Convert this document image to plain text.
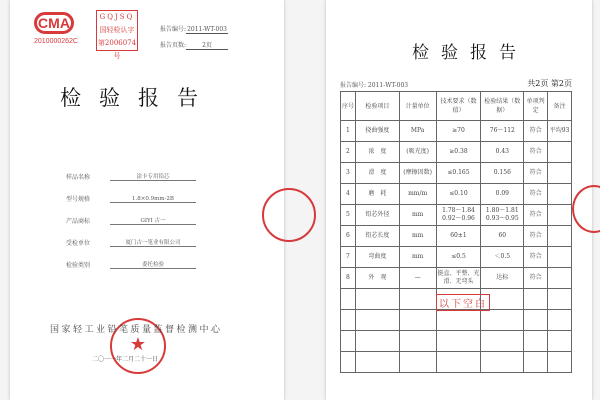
CMA
2010000262C
GQJSQ
国轻检认字
第2006074号
报告编号:2011-WT-003
报告页数:	2页
检验报告
样品名称	涂卡专用铅芯
型号规格	1.8×0.9mm-2B
产品商标	GIYI 古一
受检单位	厦门古一笔业有限公司
检验类别	委托检验
★
国家轻工业铅笔质量监督检测中心
二〇一一年二月二十一日
检验报告
报告编号: 2011-WT-003	共2页 第2页
序号	检验项目	计量单位	技术要求（数值）	检验结果（数据）	单项判定	备注
1	挠曲强度	MPa	≥70	76～112	符合	平均93
2	浓　度	(吸光度)	≥0.38	0.43	符合	
3	滑　度	(摩擦因数)	≤0.165	0.156	符合	
4	磨　耗	mm/m	≤0.10	0.09	符合	
5	铅芯外径	mm	1.78～1.84 0.92～0.96	1.80～1.81 0.93～0.95	符合	
6	铅芯长度	mm	60±1	60	符合	
7	弯曲度	mm	≤0.5	＜0.5	符合	
8	外　观	—	挺直、平整、光滑、无弯头	达标	符合	

以下空白
